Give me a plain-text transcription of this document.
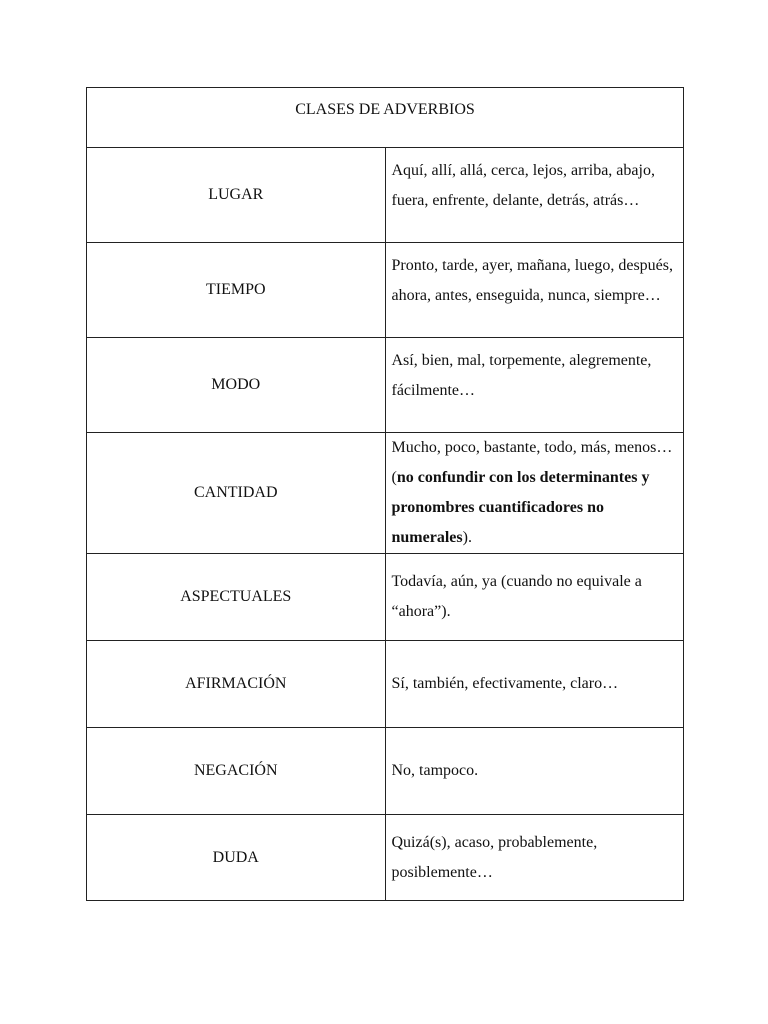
CLASES DE ADVERBIOS	
LUGAR	Aquí, allí, allá, cerca, lejos, arriba, abajo, fuera, enfrente, delante, detrás, atrás…
TIEMPO	Pronto, tarde, ayer, mañana, luego, después, ahora, antes, enseguida, nunca, siempre…
MODO	Así, bien, mal, torpemente, alegremente, fácilmente…
CANTIDAD	Mucho, poco, bastante, todo, más, menos… (no confundir con los determinantes y pronombres cuantificadores no numerales).
ASPECTUALES	Todavía, aún, ya (cuando no equivale a “ahora”).
AFIRMACIÓN	Sí, también, efectivamente, claro…
NEGACIÓN	No, tampoco.
DUDA	Quizá(s), acaso, probablemente, posiblemente…
